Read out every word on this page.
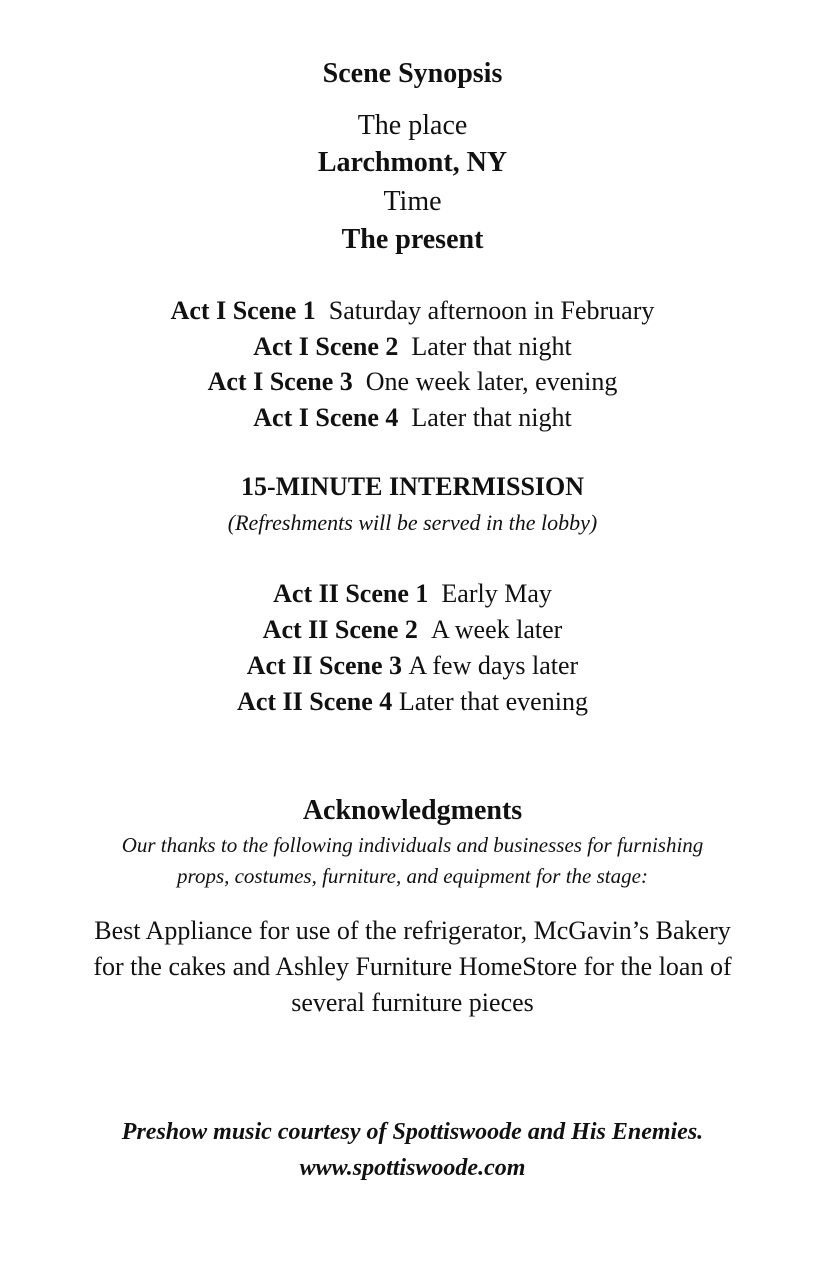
Scene Synopsis
The place
Larchmont, NY
Time
The present
Act I Scene 1 Saturday afternoon in February
Act I Scene 2 Later that night
Act I Scene 3 One week later, evening
Act I Scene 4 Later that night
15-MINUTE INTERMISSION
(Refreshments will be served in the lobby)
Act II Scene 1 Early May
Act II Scene 2 A week later
Act II Scene 3 A few days later
Act II Scene 4 Later that evening
Acknowledgments
Our thanks to the following individuals and businesses for furnishing
props, costumes, furniture, and equipment for the stage:
Best Appliance for use of the refrigerator, McGavin’s Bakery
for the cakes and Ashley Furniture HomeStore for the loan of
several furniture pieces
Preshow music courtesy of Spottiswoode and His Enemies.
www.spottiswoode.com
